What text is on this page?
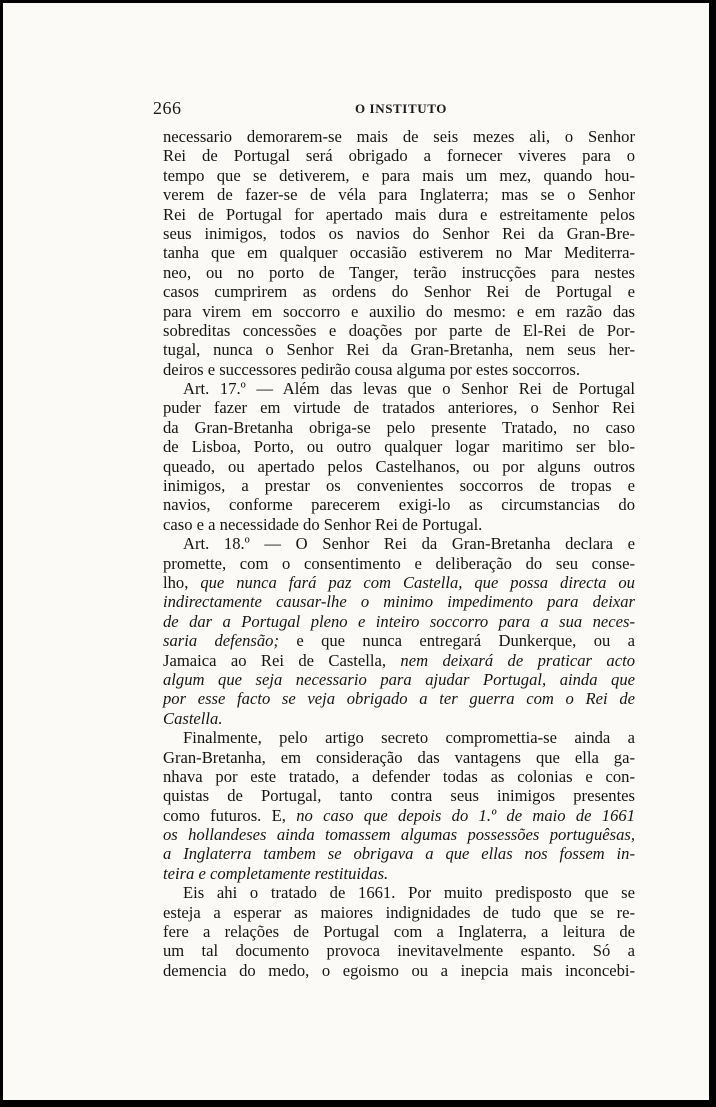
266	O INSTITUTO
necessario demorarem-se mais de seis mezes ali, o Senhor
Rei de Portugal será obrigado a fornecer viveres para o
tempo que se detiverem, e para mais um mez, quando hou-
verem de fazer-se de véla para Inglaterra; mas se o Senhor
Rei de Portugal for apertado mais dura e estreitamente pelos
seus inimigos, todos os navios do Senhor Rei da Gran-Bre-
tanha que em qualquer occasião estiverem no Mar Mediterra-
neo, ou no porto de Tanger, terão instrucções para nestes
casos cumprirem as ordens do Senhor Rei de Portugal e
para virem em soccorro e auxilio do mesmo: e em razão das
sobreditas concessões e doações por parte de El-Rei de Por-
tugal, nunca o Senhor Rei da Gran-Bretanha, nem seus her-
deiros e successores pedirão cousa alguma por estes soccorros.
Art. 17.º — Além das levas que o Senhor Rei de Portugal
puder fazer em virtude de tratados anteriores, o Senhor Rei
da Gran-Bretanha obriga-se pelo presente Tratado, no caso
de Lisboa, Porto, ou outro qualquer logar maritimo ser blo-
queado, ou apertado pelos Castelhanos, ou por alguns outros
inimigos, a prestar os convenientes soccorros de tropas e
navios, conforme parecerem exigi-lo as circumstancias do
caso e a necessidade do Senhor Rei de Portugal.
Art. 18.º — O Senhor Rei da Gran-Bretanha declara e
promette, com o consentimento e deliberação do seu conse-
lho, que nunca fará paz com Castella, que possa directa ou
indirectamente causar-lhe o minimo impedimento para deixar
de dar a Portugal pleno e inteiro soccorro para a sua neces-
saria defensão; e que nunca entregará Dunkerque, ou a
Jamaica ao Rei de Castella, nem deixará de praticar acto
algum que seja necessario para ajudar Portugal, ainda que
por esse facto se veja obrigado a ter guerra com o Rei de
Castella.
Finalmente, pelo artigo secreto compromettia-se ainda a
Gran-Bretanha, em consideração das vantagens que ella ga-
nhava por este tratado, a defender todas as colonias e con-
quistas de Portugal, tanto contra seus inimigos presentes
como futuros. E, no caso que depois do 1.º de maio de 1661
os hollandeses ainda tomassem algumas possessões portuguêsas,
a Inglaterra tambem se obrigava a que ellas nos fossem in-
teira e completamente restituidas.
Eis ahi o tratado de 1661. Por muito predisposto que se
esteja a esperar as maiores indignidades de tudo que se re-
fere a relações de Portugal com a Inglaterra, a leitura de
um tal documento provoca inevitavelmente espanto. Só a
demencia do medo, o egoismo ou a inepcia mais inconcebi-
